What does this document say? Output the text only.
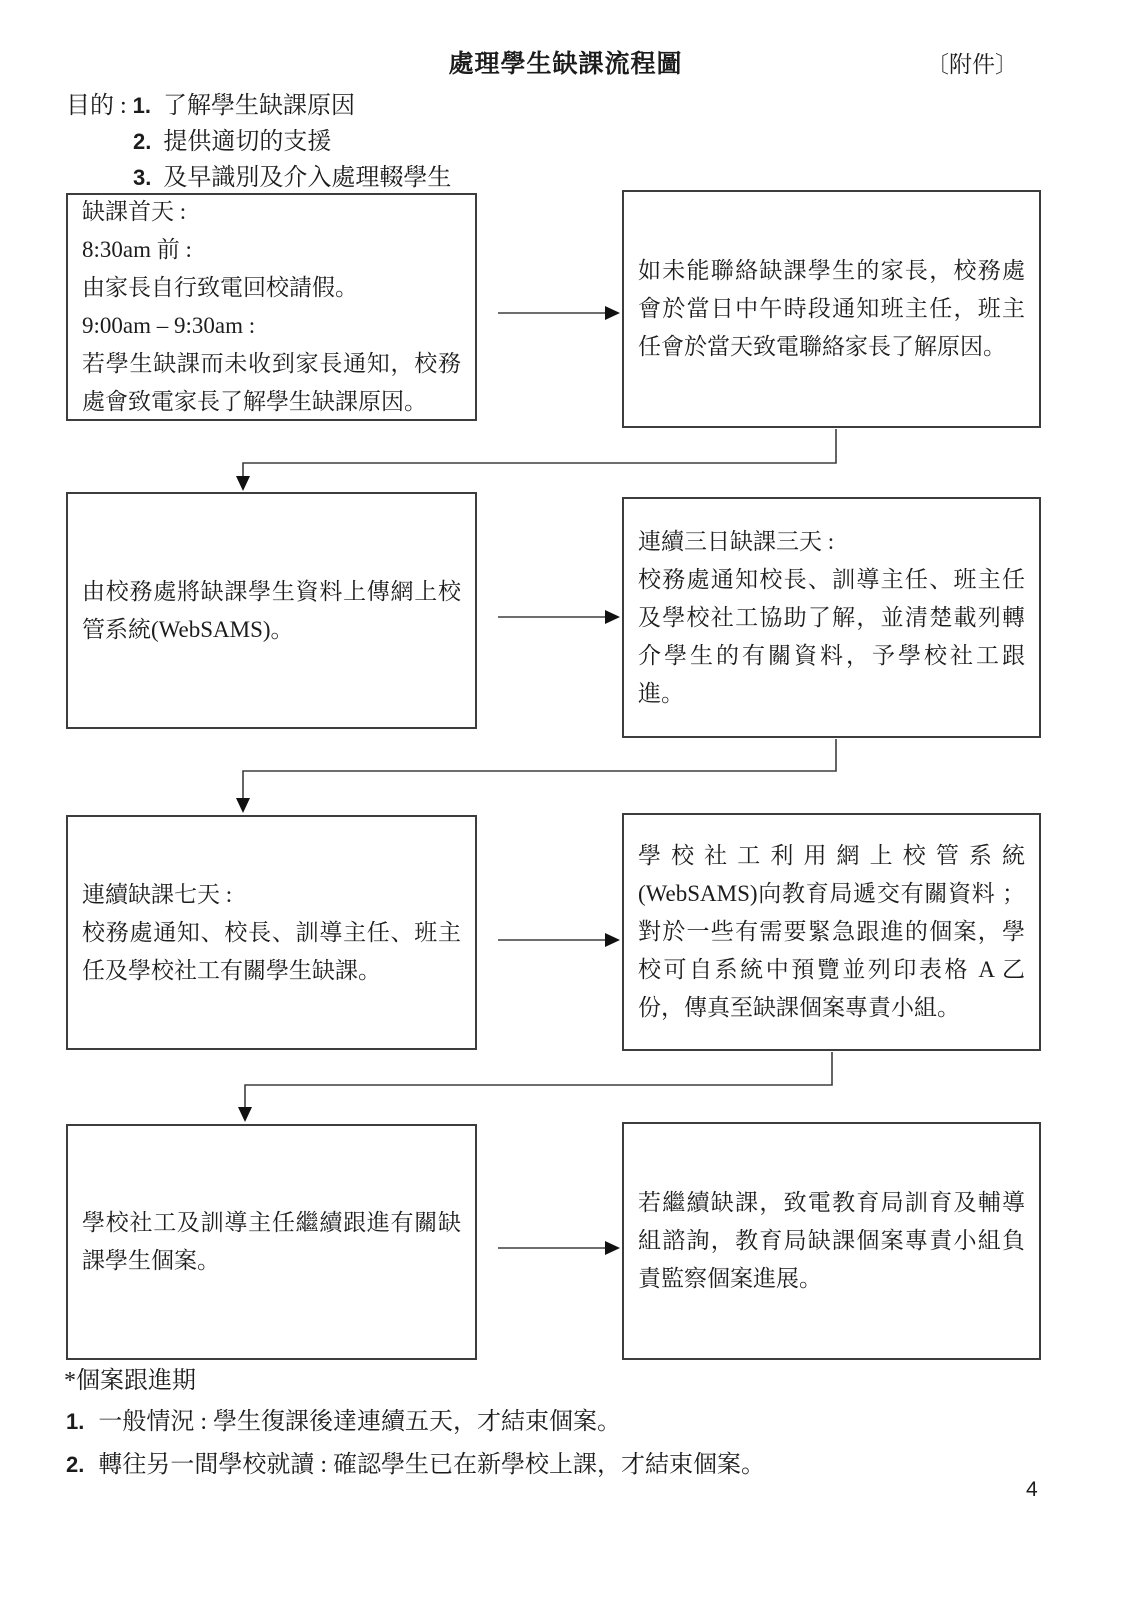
處理學生缺課流程圖	〔附件〕
目的 : 1. 了解學生缺課原因
2. 提供適切的支援
3. 及早識別及介入處理輟學生

缺課首天 :

8:30am 前 :

由家長自行致電回校請假。

9:00am – 9:30am :

若學生缺課而未收到家長通知，校務處會致電家長了解學生缺課原因。

如未能聯絡缺課學生的家長，校務處會於當日中午時段通知班主任，班主任會於當天致電聯絡家長了解原因。

由校務處將缺課學生資料上傳網上校管系統(WebSAMS)。

連續三日缺課三天 :

校務處通知校長、訓導主任、班主任及學校社工協助了解，並清楚載列轉介學生的有關資料，予學校社工跟進。

連續缺課七天 :

校務處通知、校長、訓導主任、班主任及學校社工有關學生缺課。

學校社工利用網上校管系統(WebSAMS)向教育局遞交有關資料 ；對於一些有需要緊急跟進的個案，學校可自系統中預覽並列印表格 A 乙份，傳真至缺課個案專責小組。

學校社工及訓導主任繼續跟進有關缺課學生個案。

若繼續缺課，致電教育局訓育及輔導組諮詢，教育局缺課個案專責小組負責監察個案進展。

*個案跟進期
1. 一般情況 : 學生復課後達連續五天，才結束個案。
2. 轉往另一間學校就讀 : 確認學生已在新學校上課，才結束個案。
4
